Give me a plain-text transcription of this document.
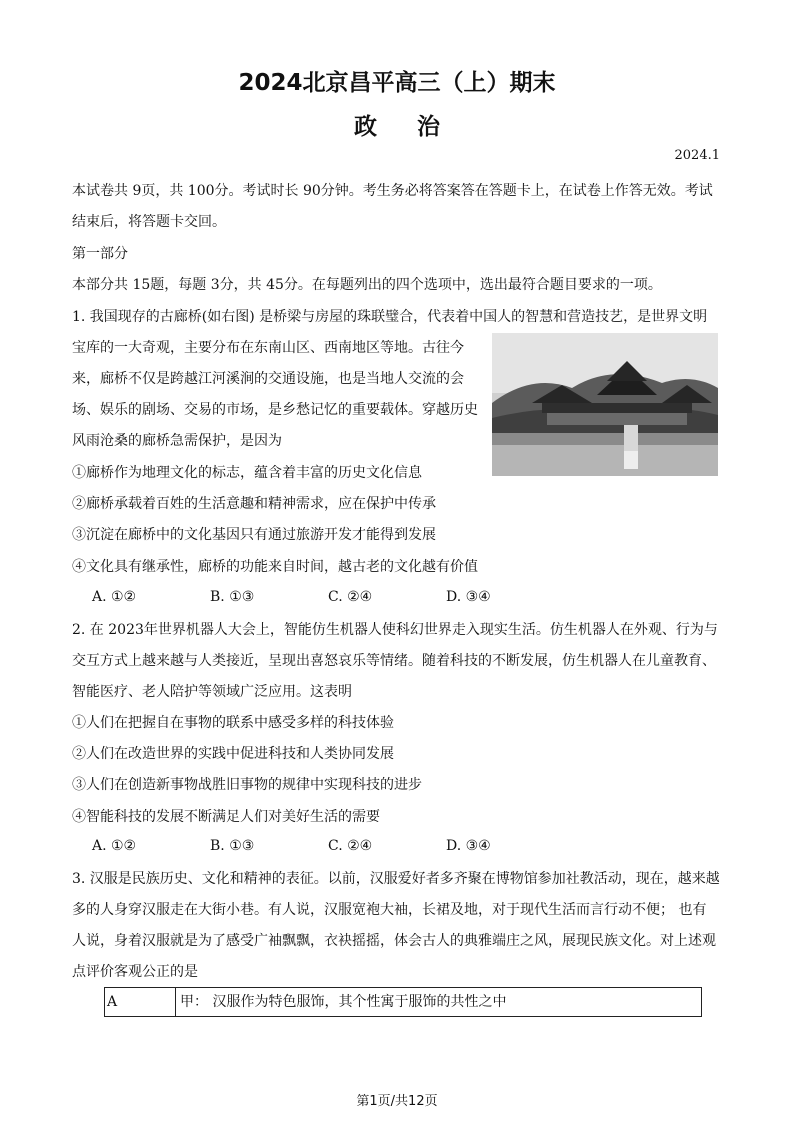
2024北京昌平高三（上）期末
政治
2024.1
本试卷共 9页，共 100分。考试时长 90分钟。考生务必将答案答在答题卡上，在试卷上作答无效。考试
结束后，将答题卡交回。
第一部分
本部分共 15题，每题 3分，共 45分。在每题列出的四个选项中，选出最符合题目要求的一项。
1. 我国现存的古廊桥(如右图) 是桥梁与房屋的珠联璧合，代表着中国人的智慧和营造技艺，是世界文明
宝库的一大奇观，主要分布在东南山区、西南地区等地。古往今
来，廊桥不仅是跨越江河溪涧的交通设施，也是当地人交流的会
场、娱乐的剧场、交易的市场，是乡愁记忆的重要载体。穿越历史
风雨沧桑的廊桥急需保护，是因为
①廊桥作为地理文化的标志，蕴含着丰富的历史文化信息
②廊桥承载着百姓的生活意趣和精神需求，应在保护中传承
③沉淀在廊桥中的文化基因只有通过旅游开发才能得到发展
④文化具有继承性，廊桥的功能来自时间，越古老的文化越有价值
A. ①②	B. ①③	C. ②④	D. ③④
2. 在 2023年世界机器人大会上，智能仿生机器人使科幻世界走入现实生活。仿生机器人在外观、行为与
交互方式上越来越与人类接近，呈现出喜怒哀乐等情绪。随着科技的不断发展，仿生机器人在儿童教育、
智能医疗、老人陪护等领域广泛应用。这表明
①人们在把握自在事物的联系中感受多样的科技体验
②人们在改造世界的实践中促进科技和人类协同发展
③人们在创造新事物战胜旧事物的规律中实现科技的进步
④智能科技的发展不断满足人们对美好生活的需要
A. ①②	B. ①③	C. ②④	D. ③④
3. 汉服是民族历史、文化和精神的表征。以前，汉服爱好者多齐聚在博物馆参加社教活动，现在，越来越
多的人身穿汉服走在大街小巷。有人说，汉服宽袍大袖，长裙及地，对于现代生活而言行动不便； 也有
人说，身着汉服就是为了感受广袖飘飘，衣袂摇摇，体会古人的典雅端庄之风，展现民族文化。对上述观
点评价客观公正的是
A	甲： 汉服作为特色服饰，其个性寓于服饰的共性之中
第1页/共12页
